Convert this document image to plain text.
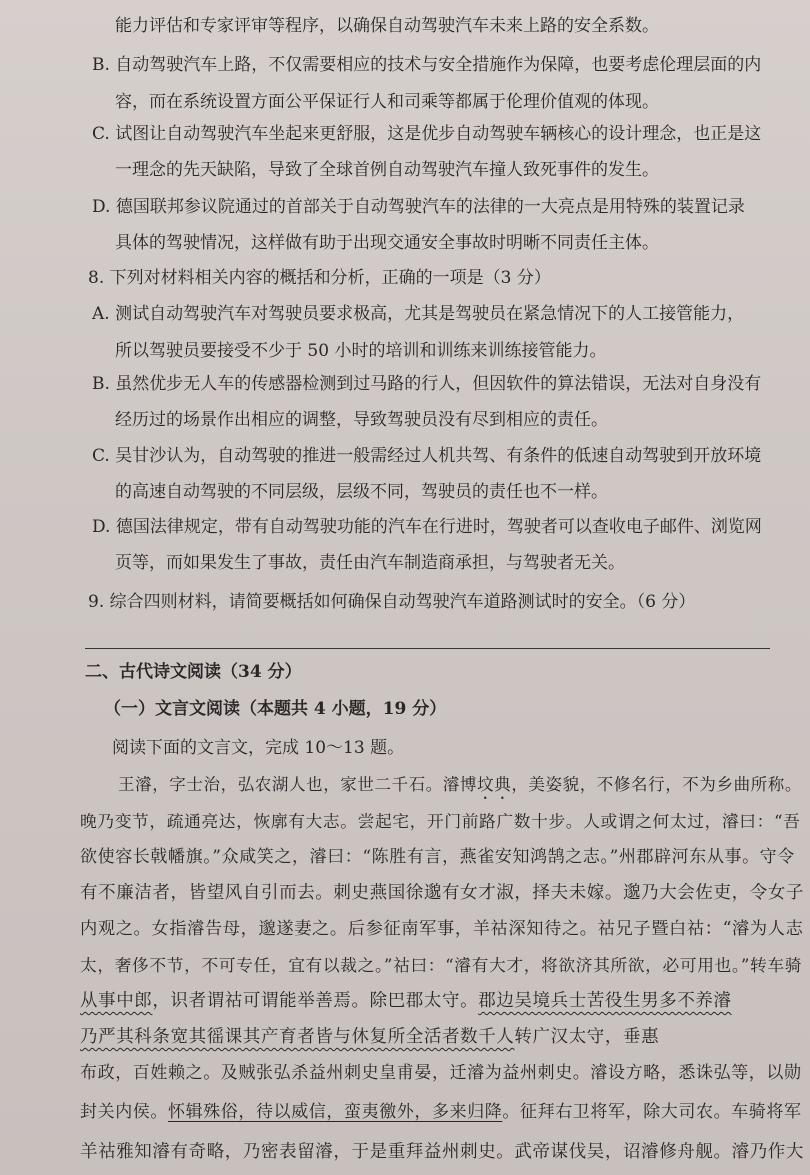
能力评估和专家评审等程序，以确保自动驾驶汽车未来上路的安全系数。
B. 自动驾驶汽车上路，不仅需要相应的技术与安全措施作为保障，也要考虑伦理层面的内
容，而在系统设置方面公平保证行人和司乘等都属于伦理价值观的体现。
C. 试图让自动驾驶汽车坐起来更舒服，这是优步自动驾驶车辆核心的设计理念，也正是这
一理念的先天缺陷，导致了全球首例自动驾驶汽车撞人致死事件的发生。
D. 德国联邦参议院通过的首部关于自动驾驶汽车的法律的一大亮点是用特殊的装置记录
具体的驾驶情况，这样做有助于出现交通安全事故时明晰不同责任主体。
8. 下列对材料相关内容的概括和分析，正确的一项是（3 分）
A. 测试自动驾驶汽车对驾驶员要求极高，尤其是驾驶员在紧急情况下的人工接管能力，
所以驾驶员要接受不少于 50 小时的培训和训练来训练接管能力。
B. 虽然优步无人车的传感器检测到过马路的行人，但因软件的算法错误，无法对自身没有
经历过的场景作出相应的调整，导致驾驶员没有尽到相应的责任。
C. 吴甘沙认为，自动驾驶的推进一般需经过人机共驾、有条件的低速自动驾驶到开放环境
的高速自动驾驶的不同层级，层级不同，驾驶员的责任也不一样。
D. 德国法律规定，带有自动驾驶功能的汽车在行进时，驾驶者可以查收电子邮件、浏览网
页等，而如果发生了事故，责任由汽车制造商承担，与驾驶者无关。
9. 综合四则材料，请简要概括如何确保自动驾驶汽车道路测试时的安全。（6 分）
二、古代诗文阅读（34 分）
（一）文言文阅读（本题共 4 小题，19 分）
阅读下面的文言文，完成 10～13 题。
王濬，字士治，弘农湖人也，家世二千石。濬博坟典，美姿貌，不修名行，不为乡曲所称。
晚乃变节，疏通亮达，恢廓有大志。尝起宅，开门前路广数十步。人或谓之何太过，濬曰：“吾
欲使容长戟幡旗。”众咸笑之，濬曰：“陈胜有言，燕雀安知鸿鹄之志。”州郡辟河东从事。守令
有不廉洁者，皆望风自引而去。刺史燕国徐邈有女才淑，择夫未嫁。邈乃大会佐吏，令女子
内观之。女指濬告母，邈遂妻之。后参征南军事，羊祜深知待之。祜兄子暨白祜：“濬为人志
太，奢侈不节，不可专任，宜有以裁之。”祜曰：“濬有大才，将欲济其所欲，必可用也。”转车骑
从事中郎，识者谓祜可谓能举善焉。除巴郡太守。郡边吴境兵士苦役生男多不养濬
乃严其科条宽其徭课其产育者皆与休复所全活者数千人转广汉太守，垂惠
布政，百姓赖之。及贼张弘杀益州刺史皇甫晏，迁濬为益州刺史。濬设方略，悉诛弘等，以勋
封关内侯。怀辑殊俗，待以威信，蛮夷徼外，多来归降。征拜右卫将军，除大司农。车骑将军
羊祜雅知濬有奇略，乃密表留濬，于是重拜益州刺史。武帝谋伐吴，诏濬修舟舰。濬乃作大
